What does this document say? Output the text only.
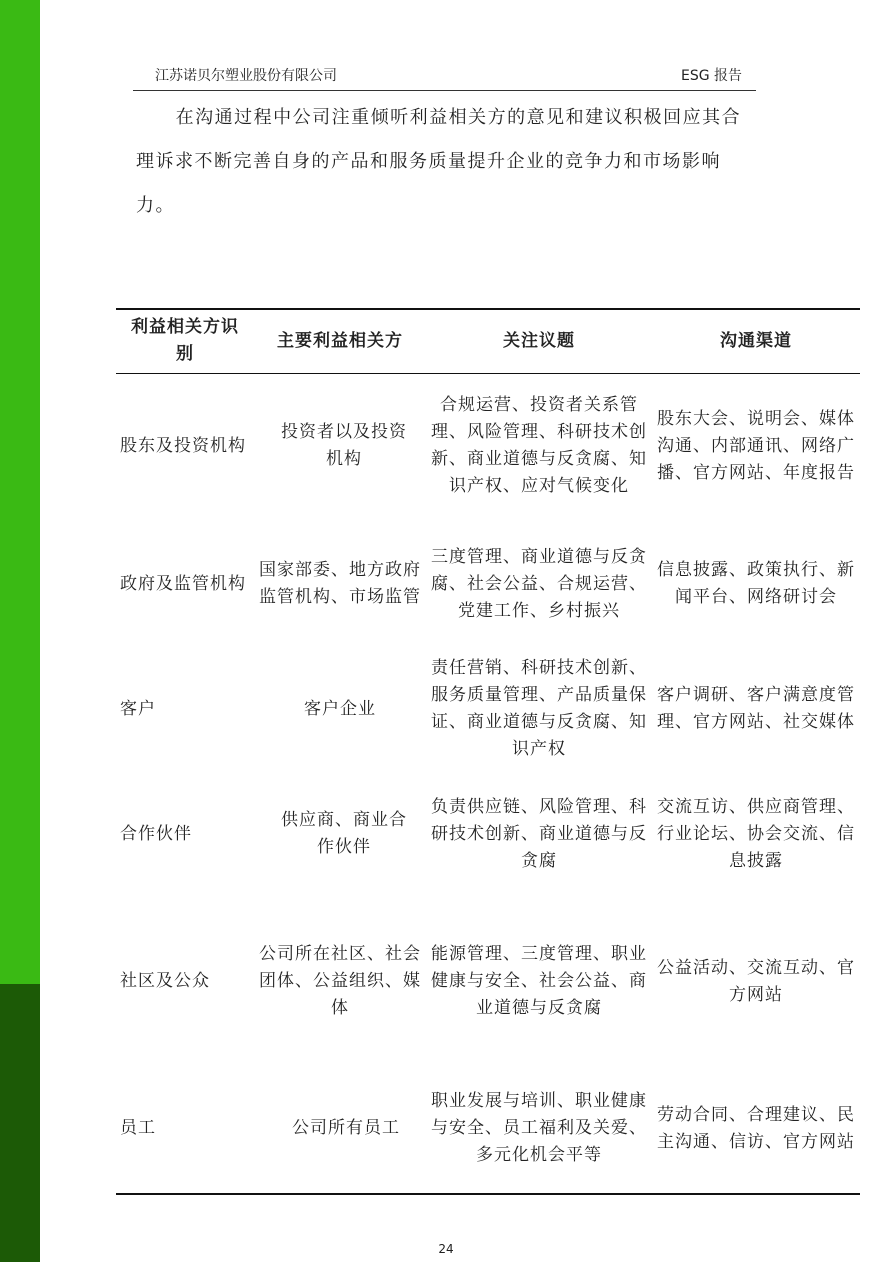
江苏诺贝尔塑业股份有限公司	ESG 报告

在沟通过程中公司注重倾听利益相关方的意见和建议积极回应其合理诉求不断完善自身的产品和服务质量提升企业的竞争力和市场影响力。

利益相关方识别	主要利益相关方	关注议题	沟通渠道
股东及投资机构	投资者以及投资机构	合规运营、投资者关系管理、风险管理、科研技术创新、商业道德与反贪腐、知识产权、应对气候变化	股东大会、说明会、媒体沟通、内部通讯、网络广播、官方网站、年度报告
政府及监管机构	国家部委、地方政府监管机构、市场监管	三度管理、商业道德与反贪腐、社会公益、合规运营、党建工作、乡村振兴	信息披露、政策执行、新闻平台、网络研讨会
客户	客户企业	责任营销、科研技术创新、服务质量管理、产品质量保证、商业道德与反贪腐、知识产权	客户调研、客户满意度管理、官方网站、社交媒体
合作伙伴	供应商、商业合作伙伴	负责供应链、风险管理、科研技术创新、商业道德与反贪腐	交流互访、供应商管理、行业论坛、协会交流、信息披露
社区及公众	公司所在社区、社会团体、公益组织、媒体	能源管理、三度管理、职业健康与安全、社会公益、商业道德与反贪腐	公益活动、交流互动、官方网站
员工	公司所有员工	职业发展与培训、职业健康与安全、员工福利及关爱、多元化机会平等	劳动合同、合理建议、民主沟通、信访、官方网站
24
